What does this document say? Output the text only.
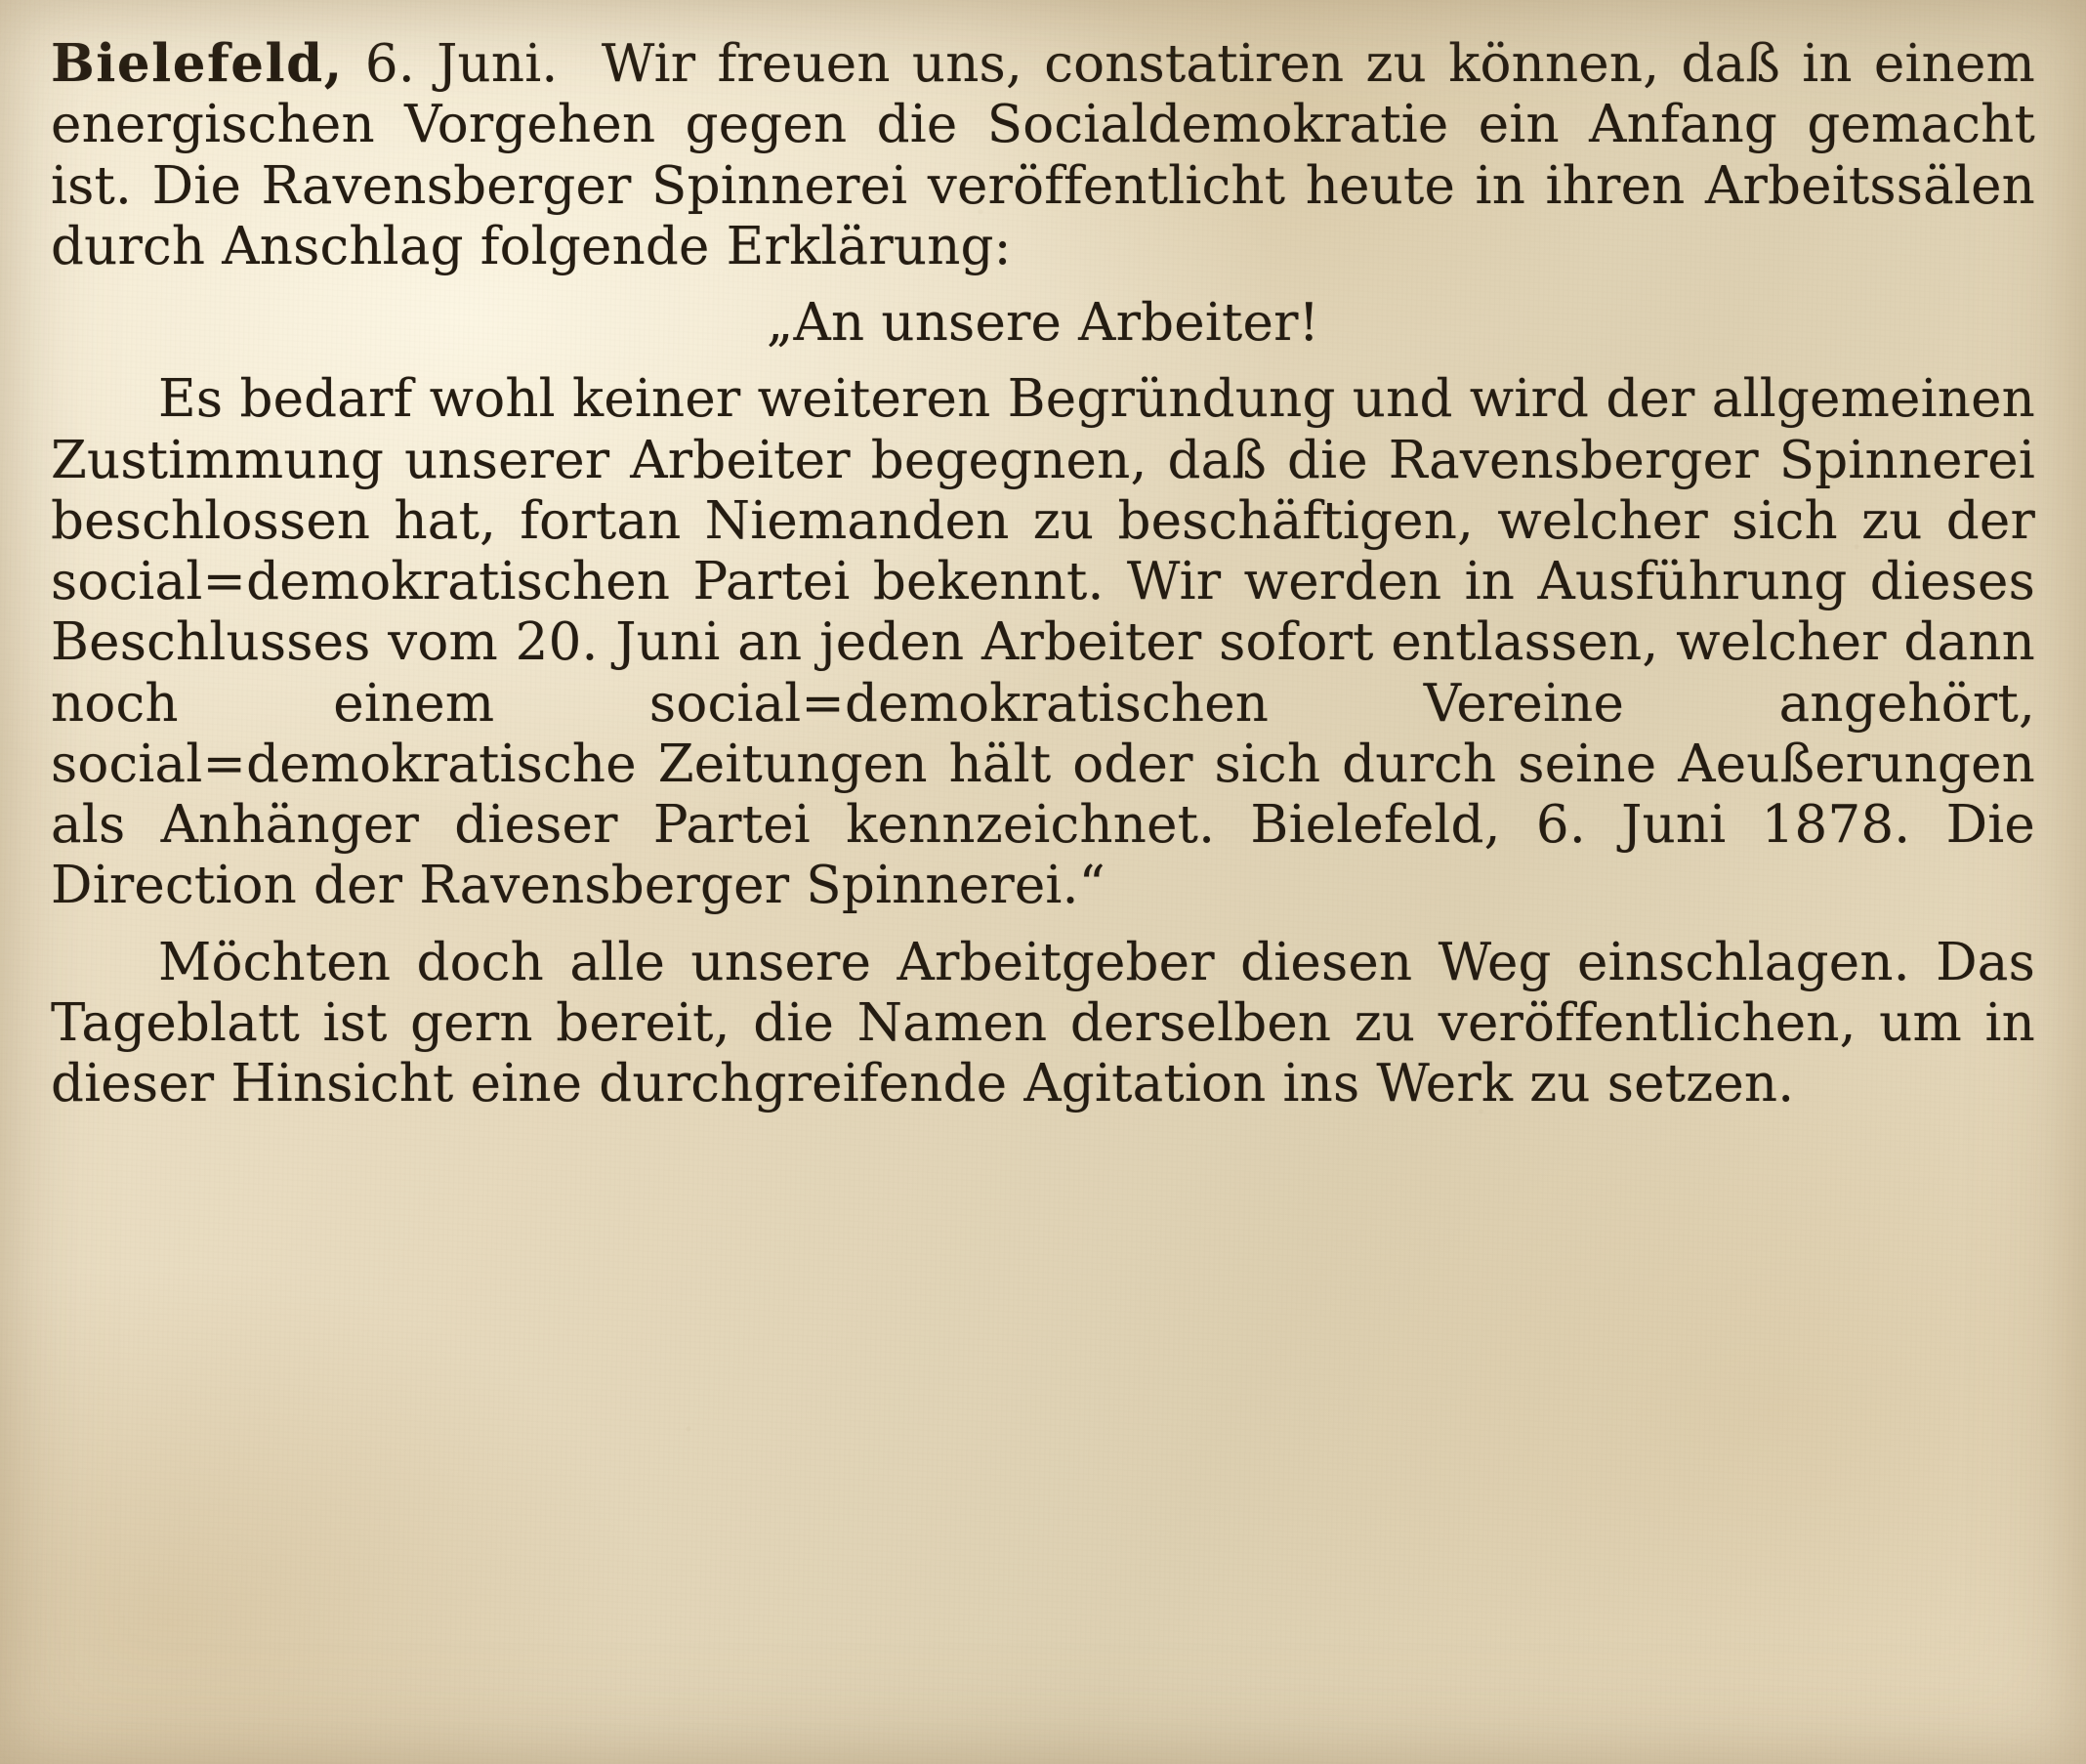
Bielefeld, 6. Juni. Wir freuen uns, constatiren zu können, daß in einem energischen Vorgehen gegen die Socialdemokratie ein Anfang gemacht ist. Die Ravensberger Spinnerei veröffentlicht heute in ihren Arbeitssälen durch Anschlag folgende Erklärung:

„An unsere Arbeiter!

Es bedarf wohl keiner weiteren Begründung und wird der allgemeinen Zustimmung unserer Arbeiter begegnen, daß die Ravensberger Spinnerei beschlossen hat, fortan Niemanden zu beschäftigen, welcher sich zu der social=demokratischen Partei bekennt. Wir werden in Ausführung dieses Beschlusses vom 20. Juni an jeden Arbeiter sofort entlassen, welcher dann noch einem social=demokratischen Vereine angehört, social=demokratische Zeitungen hält oder sich durch seine Aeußerungen als Anhänger dieser Partei kennzeichnet. Bielefeld, 6. Juni 1878. Die Direction der Ravensberger Spinnerei.“

Möchten doch alle unsere Arbeitgeber diesen Weg einschlagen. Das Tageblatt ist gern bereit, die Namen derselben zu veröffentlichen, um in dieser Hinsicht eine durchgreifende Agitation ins Werk zu setzen.
